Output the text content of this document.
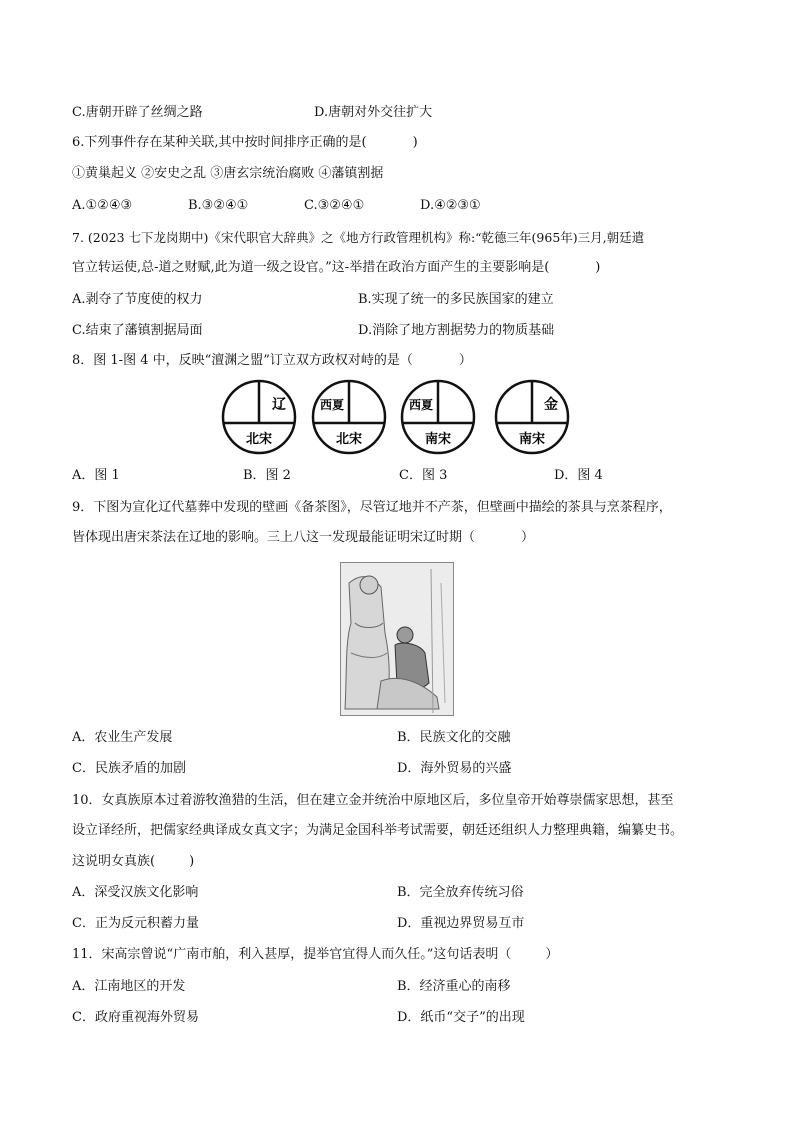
C.唐朝开辟了丝绸之路	D.唐朝对外交往扩大
6.下列事件存在某种关联,其中按时间排序正确的是(	)
①黄巢起义 ②安史之乱 ③唐玄宗统治腐败 ④藩镇割据
A.①②④③	B.③②④①	C.③②④①	D.④②③①
7. (2023 七下龙岗期中)《宋代职官大辞典》之《地方行政管理机构》称:“乾德三年(965年)三月,朝廷遣
官立转运使,总-道之财赋,此为道一级之设官。”这-举措在政治方面产生的主要影响是(	)
A.剥夺了节度使的权力	B.实现了统一的多民族国家的建立
C.结束了藩镇割据局面	D.消除了地方割据势力的物质基础
8．图 1-图 4 中，反映“澶渊之盟”订立双方政权对峙的是（	）
辽
北宋
西夏
北宋
西夏
南宋
金
南宋
A．图 1	B．图 2	C．图 3	D．图 4
9．下图为宣化辽代墓葬中发现的壁画《备茶图》，尽管辽地并不产茶，但壁画中描绘的茶具与烹茶程序，
皆体现出唐宋茶法在辽地的影响。三上八这一发现最能证明宋辽时期（	）
A．农业生产发展	B．民族文化的交融
C．民族矛盾的加剧	D．海外贸易的兴盛
10．女真族原本过着游牧渔猎的生活，但在建立金并统治中原地区后，多位皇帝开始尊崇儒家思想，甚至
设立译经所，把儒家经典译成女真文字；为满足金国科举考试需要，朝廷还组织人力整理典籍，编纂史书。
这说明女真族(	)
A．深受汉族文化影响	B．完全放弃传统习俗
C．正为反元积蓄力量	D．重视边界贸易互市
11．宋高宗曾说“广南市舶，利入甚厚，提举官宜得人而久任。”这句话表明（	）
A．江南地区的开发	B．经济重心的南移
C．政府重视海外贸易	D．纸币“交子”的出现
